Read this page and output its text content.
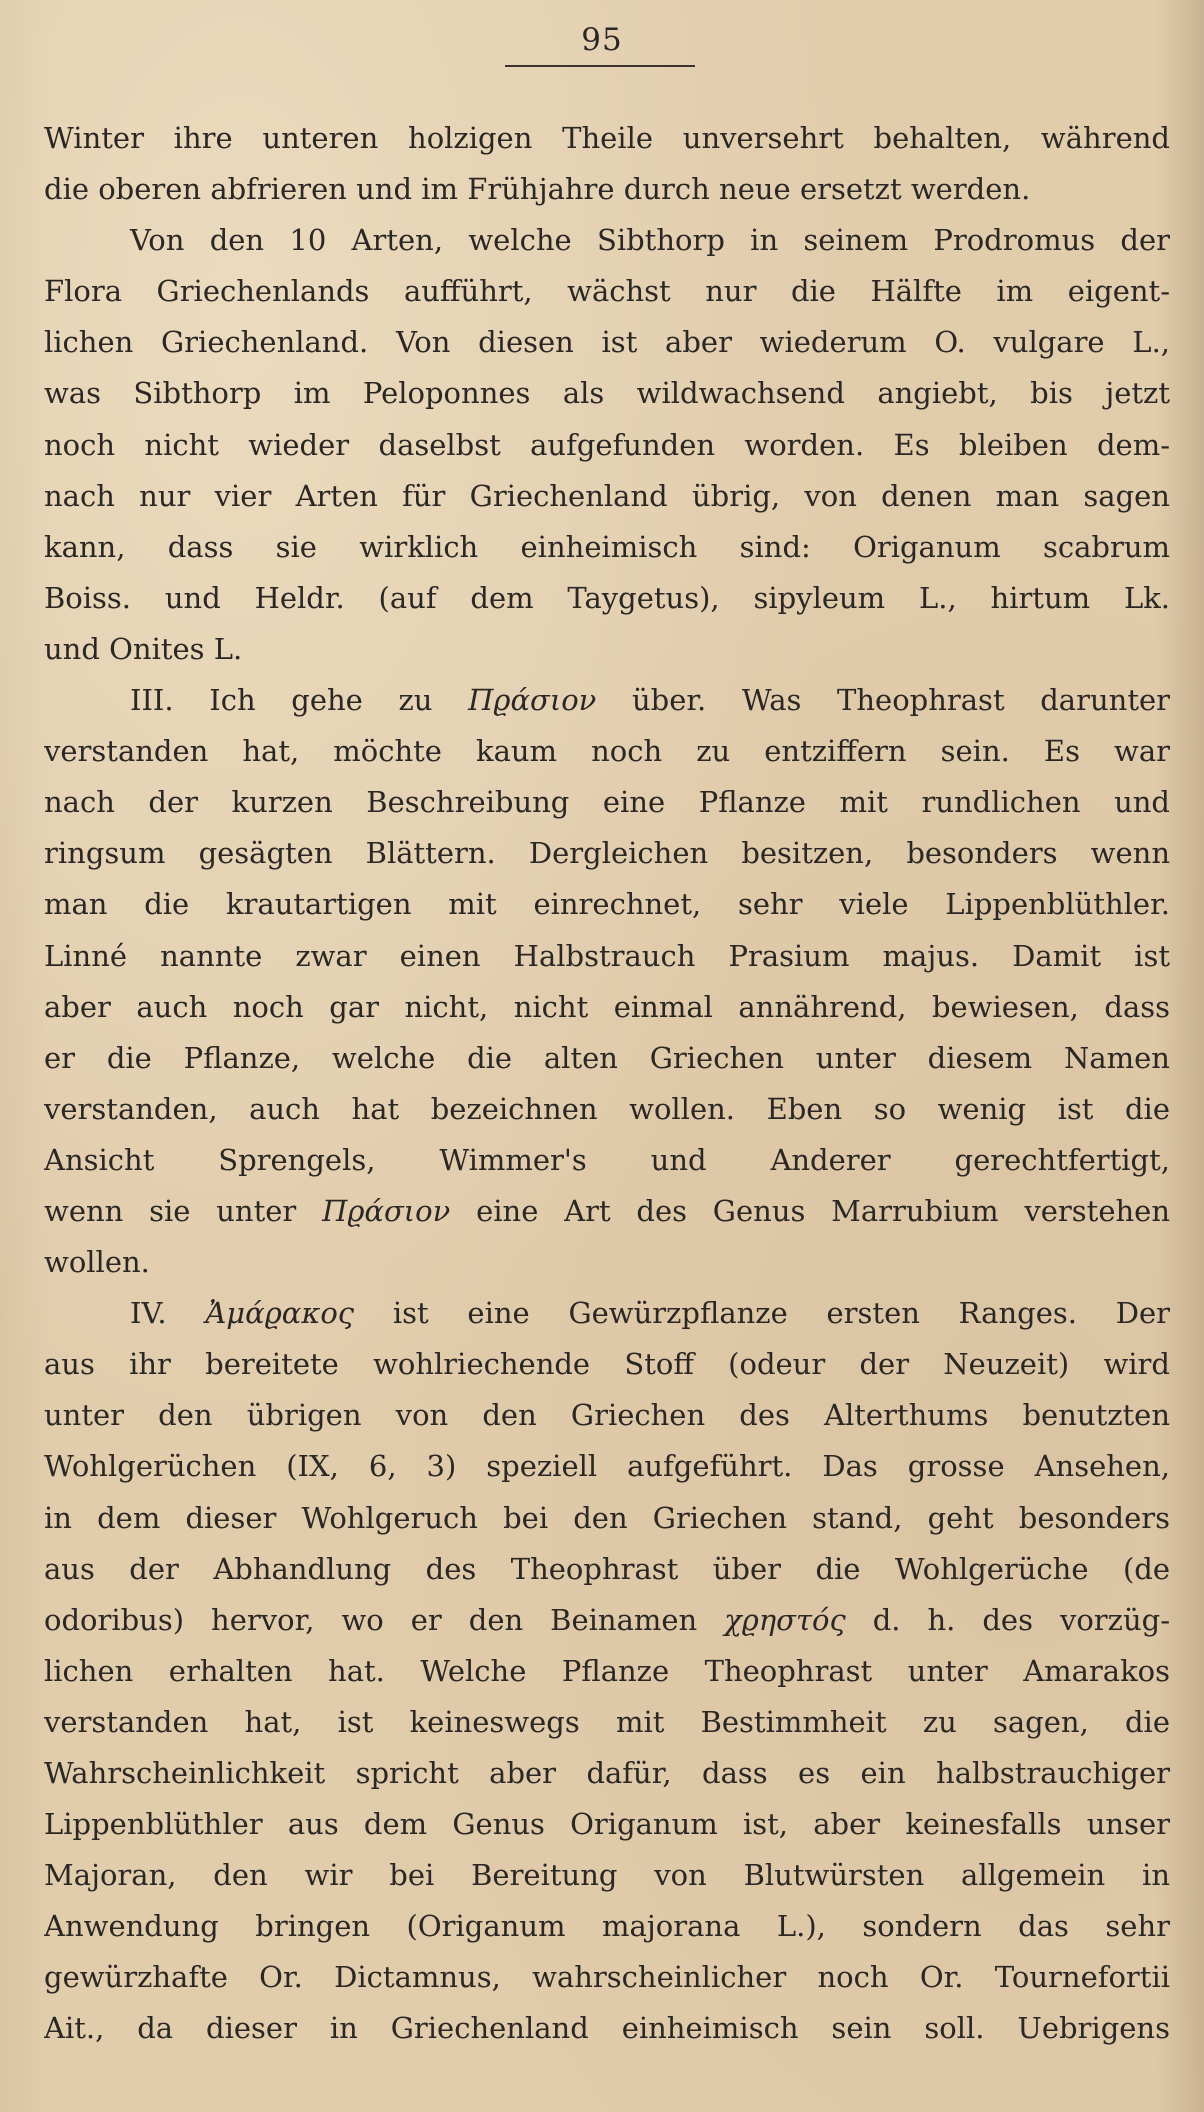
95
Winter ihre unteren holzigen Theile unversehrt behalten, während
die oberen abfrieren und im Frühjahre durch neue ersetzt werden.
Von den 10 Arten, welche Sibthorp in seinem Prodromus der
Flora Griechenlands aufführt, wächst nur die Hälfte im eigent-
lichen Griechenland. Von diesen ist aber wiederum O. vulgare L.,
was Sibthorp im Peloponnes als wildwachsend angiebt, bis jetzt
noch nicht wieder daselbst aufgefunden worden. Es bleiben dem-
nach nur vier Arten für Griechenland übrig, von denen man sagen
kann, dass sie wirklich einheimisch sind: Origanum scabrum
Boiss. und Heldr. (auf dem Taygetus), sipyleum L., hirtum Lk.
und Onites L.
III. Ich gehe zu Πϱάσιον über. Was Theophrast darunter
verstanden hat, möchte kaum noch zu entziffern sein. Es war
nach der kurzen Beschreibung eine Pflanze mit rundlichen und
ringsum gesägten Blättern. Dergleichen besitzen, besonders wenn
man die krautartigen mit einrechnet, sehr viele Lippenblüthler.
Linné nannte zwar einen Halbstrauch Prasium majus. Damit ist
aber auch noch gar nicht, nicht einmal annährend, bewiesen, dass
er die Pflanze, welche die alten Griechen unter diesem Namen
verstanden, auch hat bezeichnen wollen. Eben so wenig ist die
Ansicht Sprengels, Wimmer's und Anderer gerechtfertigt,
wenn sie unter Πϱάσιον eine Art des Genus Marrubium verstehen
wollen.
IV. Ἀμάϱακος ist eine Gewürzpflanze ersten Ranges. Der
aus ihr bereitete wohlriechende Stoff (odeur der Neuzeit) wird
unter den übrigen von den Griechen des Alterthums benutzten
Wohlgerüchen (IX, 6, 3) speziell aufgeführt. Das grosse Ansehen,
in dem dieser Wohlgeruch bei den Griechen stand, geht besonders
aus der Abhandlung des Theophrast über die Wohlgerüche (de
odoribus) hervor, wo er den Beinamen χϱηστός d. h. des vorzüg-
lichen erhalten hat. Welche Pflanze Theophrast unter Amarakos
verstanden hat, ist keineswegs mit Bestimmheit zu sagen, die
Wahrscheinlichkeit spricht aber dafür, dass es ein halbstrauchiger
Lippenblüthler aus dem Genus Origanum ist, aber keinesfalls unser
Majoran, den wir bei Bereitung von Blutwürsten allgemein in
Anwendung bringen (Origanum majorana L.), sondern das sehr
gewürzhafte Or. Dictamnus, wahrscheinlicher noch Or. Tournefortii
Ait., da dieser in Griechenland einheimisch sein soll. Uebrigens
